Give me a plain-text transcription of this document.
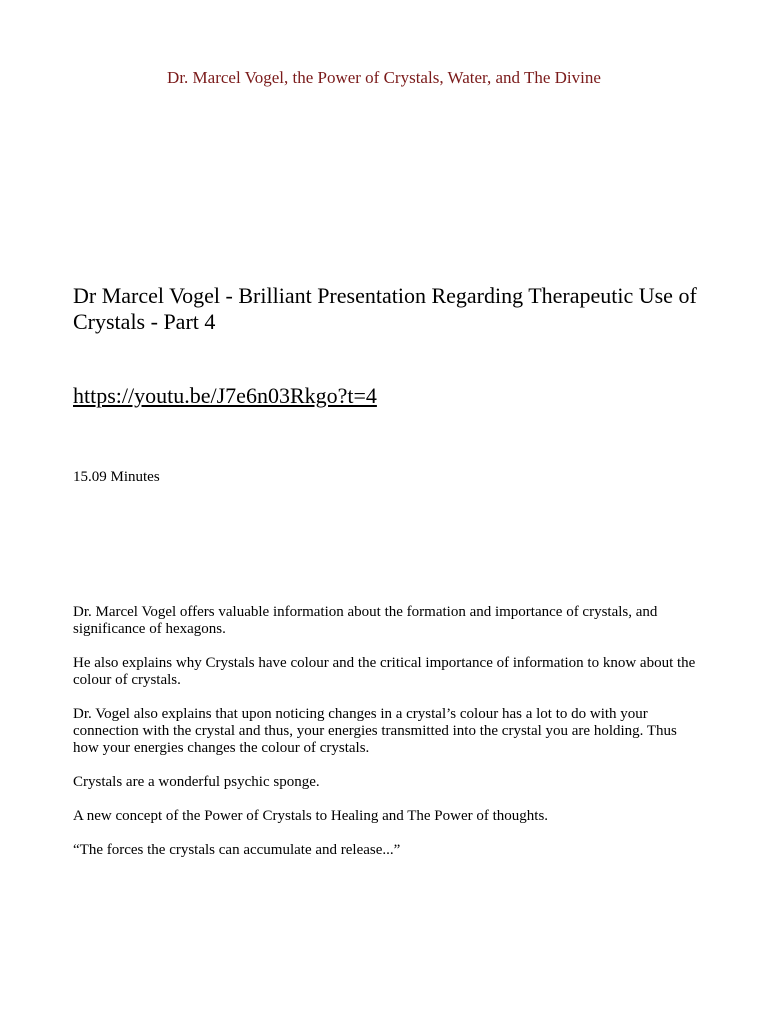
Dr. Marcel Vogel, the Power of Crystals, Water, and The Divine
Dr Marcel Vogel - Brilliant Presentation Regarding Therapeutic Use of Crystals - Part 4
https://youtu.be/J7e6n03Rkgo?t=4
15.09 Minutes

Dr. Marcel Vogel offers valuable information about the formation and importance of crystals, and significance of hexagons.

He also explains why Crystals have colour and the critical importance of information to know about the colour of crystals.

Dr. Vogel also explains that upon noticing changes in a crystal’s colour has a lot to do with your connection with the crystal and thus, your energies transmitted into the crystal you are holding. Thus how your energies changes the colour of crystals.

Crystals are a wonderful psychic sponge.

A new concept of the Power of Crystals to Healing and The Power of thoughts.

“The forces the crystals can accumulate and release...”
